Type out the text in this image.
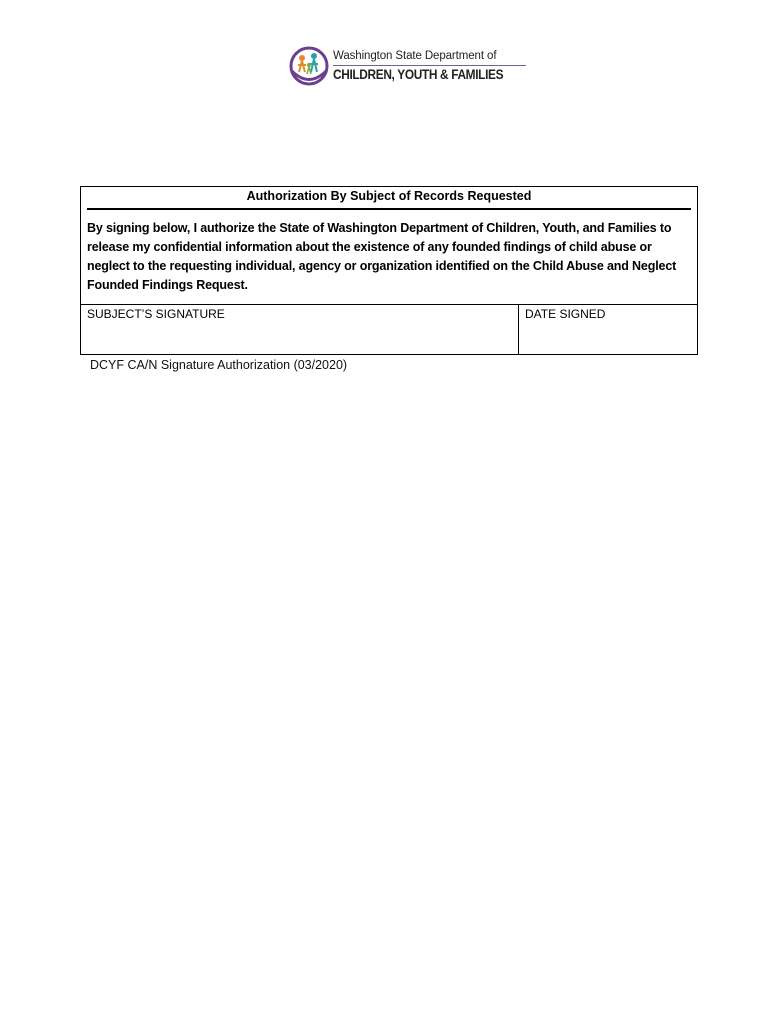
Washington State Department of
CHILDREN, YOUTH & FAMILIES
Authorization By Subject of Records Requested
By signing below, I authorize the State of Washington Department of Children, Youth, and Families to release my confidential information about the existence of any founded findings of child abuse or neglect to the requesting individual, agency or organization identified on the Child Abuse and Neglect Founded Findings Request.
SUBJECT’S SIGNATURE	DATE SIGNED
DCYF CA/N Signature Authorization (03/2020)
